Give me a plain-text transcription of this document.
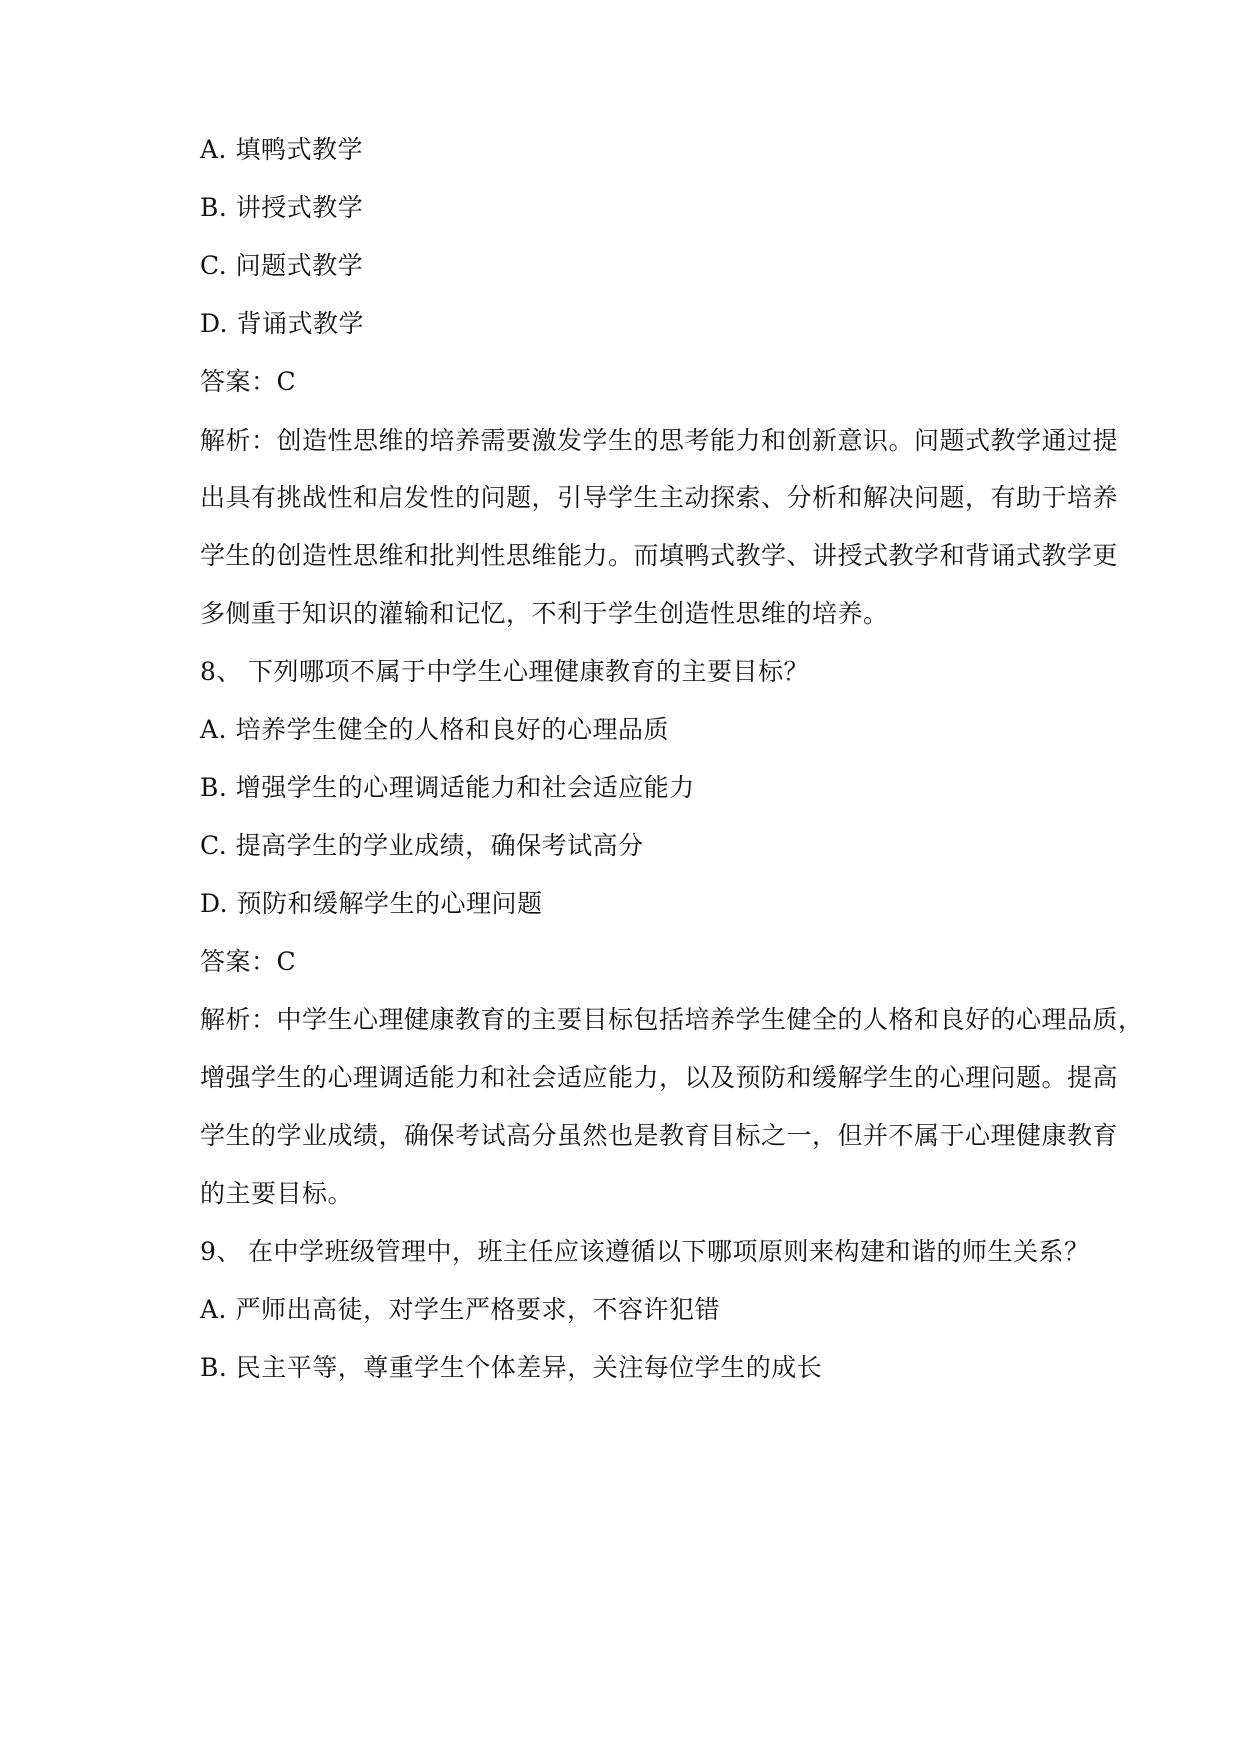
A. 填鸭式教学
B. 讲授式教学
C. 问题式教学
D. 背诵式教学
答案：C
解析：创造性思维的培养需要激发学生的思考能力和创新意识。问题式教学通过提
出具有挑战性和启发性的问题，引导学生主动探索、分析和解决问题，有助于培养
学生的创造性思维和批判性思维能力。而填鸭式教学、讲授式教学和背诵式教学更
多侧重于知识的灌输和记忆，不利于学生创造性思维的培养。
8、 下列哪项不属于中学生心理健康教育的主要目标？
A. 培养学生健全的人格和良好的心理品质
B. 增强学生的心理调适能力和社会适应能力
C. 提高学生的学业成绩，确保考试高分
D. 预防和缓解学生的心理问题
答案：C
解析：中学生心理健康教育的主要目标包括培养学生健全的人格和良好的心理品质，
增强学生的心理调适能力和社会适应能力，以及预防和缓解学生的心理问题。提高
学生的学业成绩，确保考试高分虽然也是教育目标之一，但并不属于心理健康教育
的主要目标。
9、 在中学班级管理中，班主任应该遵循以下哪项原则来构建和谐的师生关系？
A. 严师出高徒，对学生严格要求，不容许犯错
B. 民主平等，尊重学生个体差异，关注每位学生的成长
